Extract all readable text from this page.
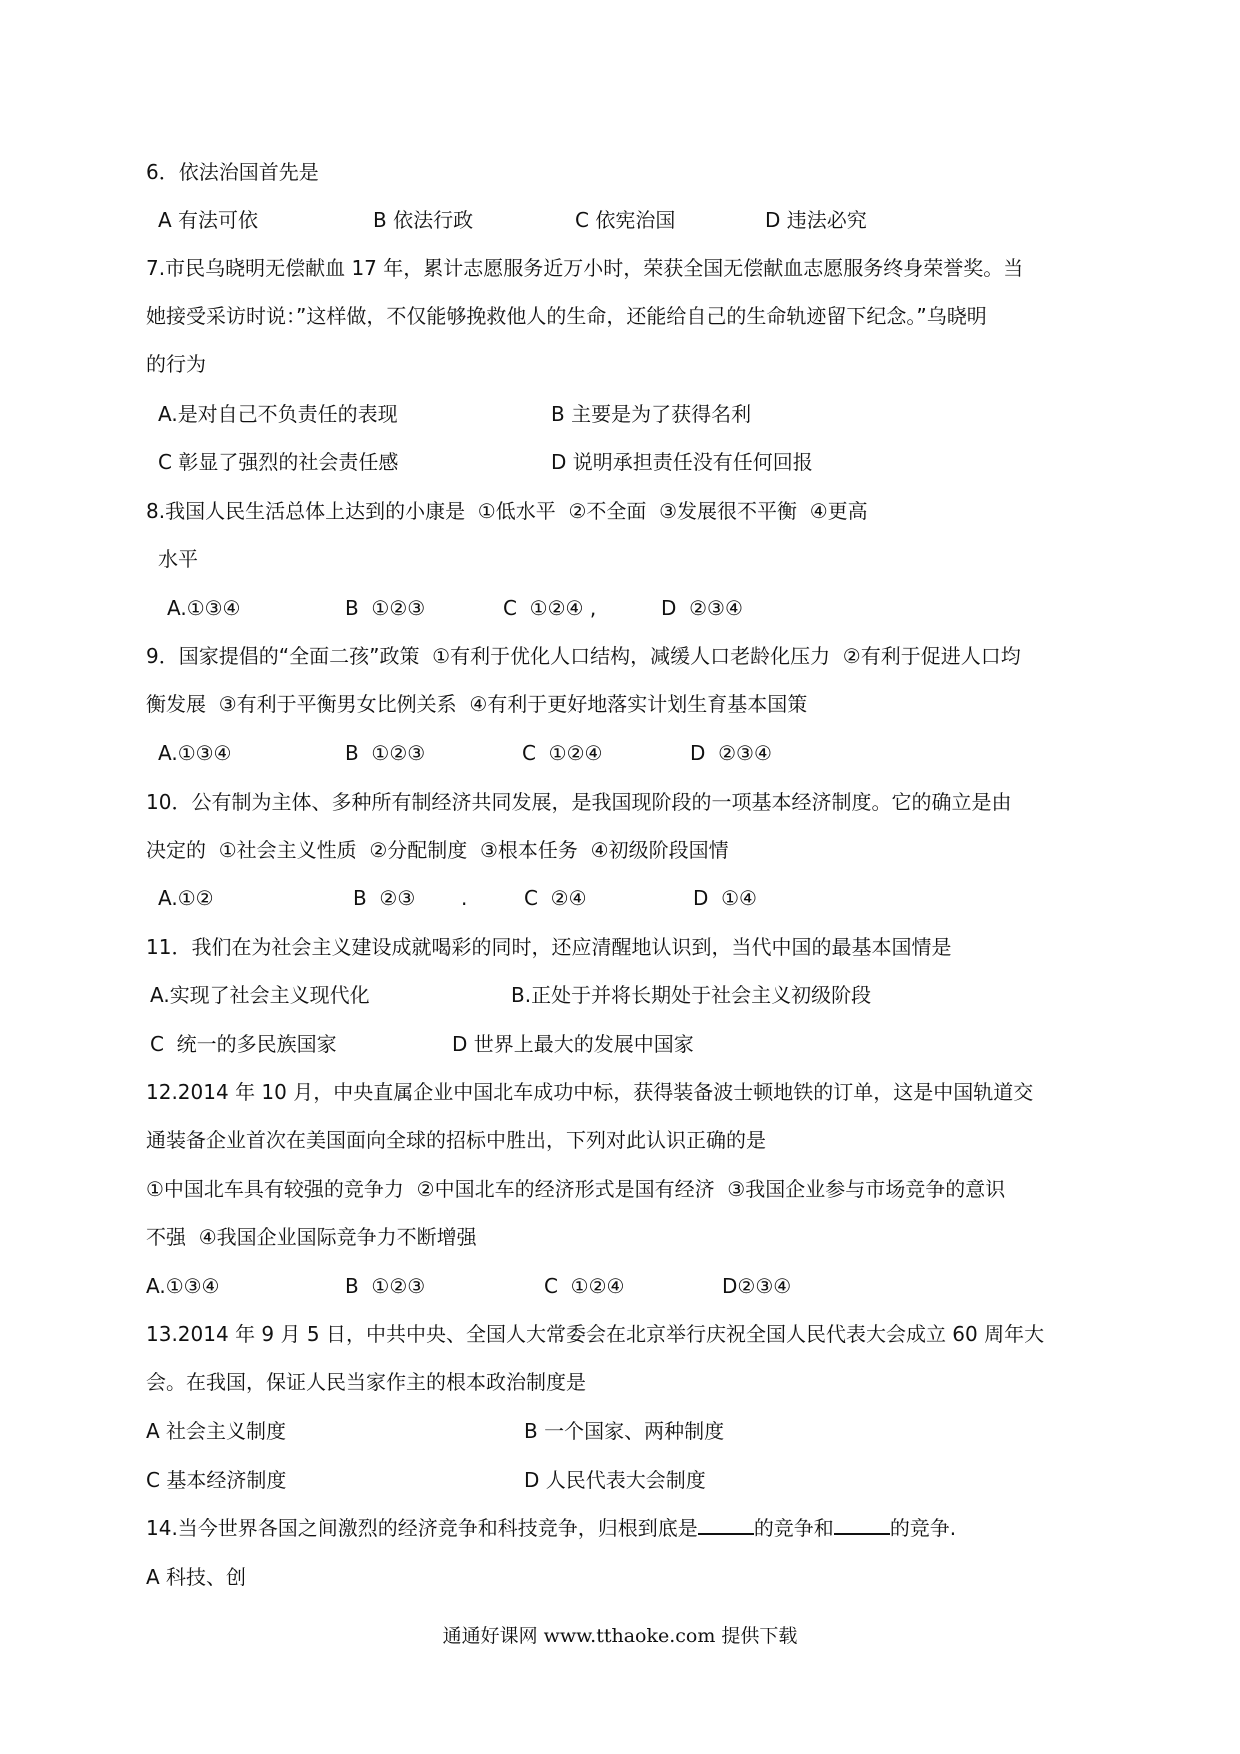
6．依法治国首先是
A 有法可依	B 依法行政	C 依宪治国	D 违法必究
7.市民乌晓明无偿献血 17 年，累计志愿服务近万小时，荣获全国无偿献血志愿服务终身荣誉奖。当
她接受采访时说：”这样做，不仅能够挽救他人的生命，还能给自己的生命轨迹留下纪念。”乌晓明
的行为
A.是对自己不负责任的表现	B 主要是为了获得名利
C 彰显了强烈的社会责任感	D 说明承担责任没有任何回报
8.我国人民生活总体上达到的小康是  ①低水平  ②不全面  ③发展很不平衡  ④更高
水平
A.①③④	B  ①②③	C  ①②④ ,	D  ②③④
9．国家提倡的“全面二孩”政策  ①有利于优化人口结构，减缓人口老龄化压力  ②有利于促进人口均
衡发展  ③有利于平衡男女比例关系  ④有利于更好地落实计划生育基本国策
A.①③④	B  ①②③	C  ①②④	D  ②③④
10．公有制为主体、多种所有制经济共同发展，是我国现阶段的一项基本经济制度。它的确立是由
决定的  ①社会主义性质  ②分配制度  ③根本任务  ④初级阶段国情
A.①②	B  ②③ .	C  ②④	D  ①④
11．我们在为社会主义建设成就喝彩的同时，还应清醒地认识到，当代中国的最基本国情是
A.实现了社会主义现代化	B.正处于并将长期处于社会主义初级阶段
C  统一的多民族国家	D 世界上最大的发展中国家
12.2014 年 10 月，中央直属企业中国北车成功中标，获得装备波士顿地铁的订单，这是中国轨道交
通装备企业首次在美国面向全球的招标中胜出，下列对此认识正确的是
①中国北车具有较强的竞争力  ②中国北车的经济形式是国有经济  ③我国企业参与市场竞争的意识
不强  ④我国企业国际竞争力不断增强
A.①③④	B  ①②③	C  ①②④	D②③④
13.2014 年 9 月 5 日，中共中央、全国人大常委会在北京举行庆祝全国人民代表大会成立 60 周年大
会。在我国，保证人民当家作主的根本政治制度是
A 社会主义制度	B 一个国家、两种制度
C 基本经济制度	D 人民代表大会制度
14.当今世界各国之间激烈的经济竞争和科技竞争，归根到底是	的竞争和	的竞争.
A 科技、创
通通好课网 www.tthaoke.com 提供下载
